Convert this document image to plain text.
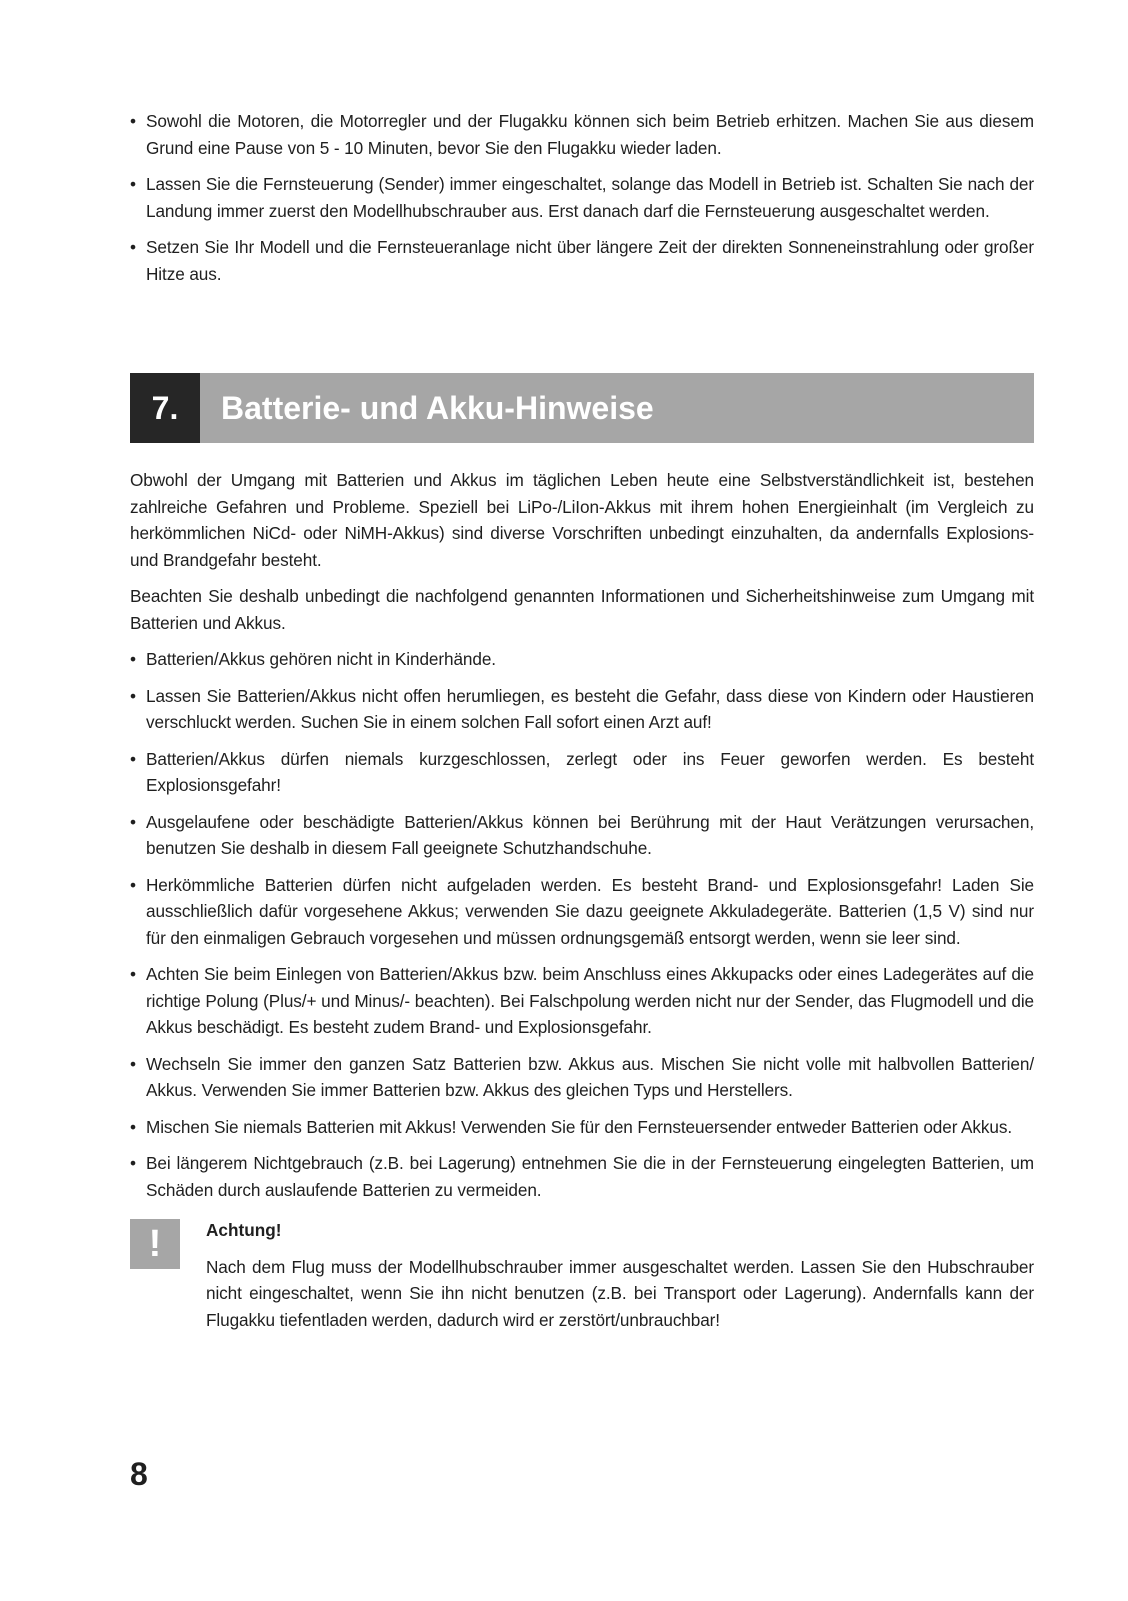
• Sowohl die Motoren, die Motorregler und der Flugakku können sich beim Betrieb erhitzen. Machen Sie aus diesem Grund eine Pause von 5 - 10 Minuten, bevor Sie den Flugakku wieder laden.
• Lassen Sie die Fernsteuerung (Sender) immer eingeschaltet, solange das Modell in Betrieb ist. Schalten Sie nach der Landung immer zuerst den Modellhubschrauber aus. Erst danach darf die Fernsteuerung ausgeschaltet werden.
• Setzen Sie Ihr Modell und die Fernsteueranlage nicht über längere Zeit der direkten Sonneneinstrahlung oder großer Hitze aus.
7.	Batterie- und Akku-Hinweise

Obwohl der Umgang mit Batterien und Akkus im täglichen Leben heute eine Selbstverständlichkeit ist, bestehen zahlreiche Gefahren und Probleme. Speziell bei LiPo-/LiIon-Akkus mit ihrem hohen Energieinhalt (im Vergleich zu herkömmlichen NiCd- oder NiMH-Akkus) sind diverse Vorschriften unbedingt einzuhalten, da andernfalls Explosions- und Brandgefahr besteht.

Beachten Sie deshalb unbedingt die nachfolgend genannten Informationen und Sicherheitshinweise zum Umgang mit Batterien und Akkus.

• Batterien/Akkus gehören nicht in Kinderhände.
• Lassen Sie Batterien/Akkus nicht offen herumliegen, es besteht die Gefahr, dass diese von Kindern oder Haustieren verschluckt werden. Suchen Sie in einem solchen Fall sofort einen Arzt auf!
• Batterien/Akkus dürfen niemals kurzgeschlossen, zerlegt oder ins Feuer geworfen werden. Es besteht Explosionsgefahr!
• Ausgelaufene oder beschädigte Batterien/Akkus können bei Berührung mit der Haut Verätzungen verursachen, benutzen Sie deshalb in diesem Fall geeignete Schutzhandschuhe.
• Herkömmliche Batterien dürfen nicht aufgeladen werden. Es besteht Brand- und Explosionsgefahr! Laden Sie ausschließlich dafür vorgesehene Akkus; verwenden Sie dazu geeignete Akkuladegeräte. Batterien (1,5 V) sind nur für den einmaligen Gebrauch vorgesehen und müssen ordnungsgemäß entsorgt werden, wenn sie leer sind.
• Achten Sie beim Einlegen von Batterien/Akkus bzw. beim Anschluss eines Akkupacks oder eines Ladegerätes auf die richtige Polung (Plus/+ und Minus/- beachten). Bei Falschpolung werden nicht nur der Sender, das Flugmodell und die Akkus beschädigt. Es besteht zudem Brand- und Explosionsgefahr.
• Wechseln Sie immer den ganzen Satz Batterien bzw. Akkus aus. Mischen Sie nicht volle mit halbvollen Batterien/ Akkus. Verwenden Sie immer Batterien bzw. Akkus des gleichen Typs und Herstellers.
• Mischen Sie niemals Batterien mit Akkus! Verwenden Sie für den Fernsteuersender entweder Batterien oder Akkus.
• Bei längerem Nichtgebrauch (z.B. bei Lagerung) entnehmen Sie die in der Fernsteuerung eingelegten Batterien, um Schäden durch auslaufende Batterien zu vermeiden.
!	Achtung!
Nach dem Flug muss der Modellhubschrauber immer ausgeschaltet werden. Lassen Sie den Hubschrauber nicht eingeschaltet, wenn Sie ihn nicht benutzen (z.B. bei Transport oder Lagerung). Andernfalls kann der Flugakku tiefentladen werden, dadurch wird er zerstört/unbrauchbar!
8
